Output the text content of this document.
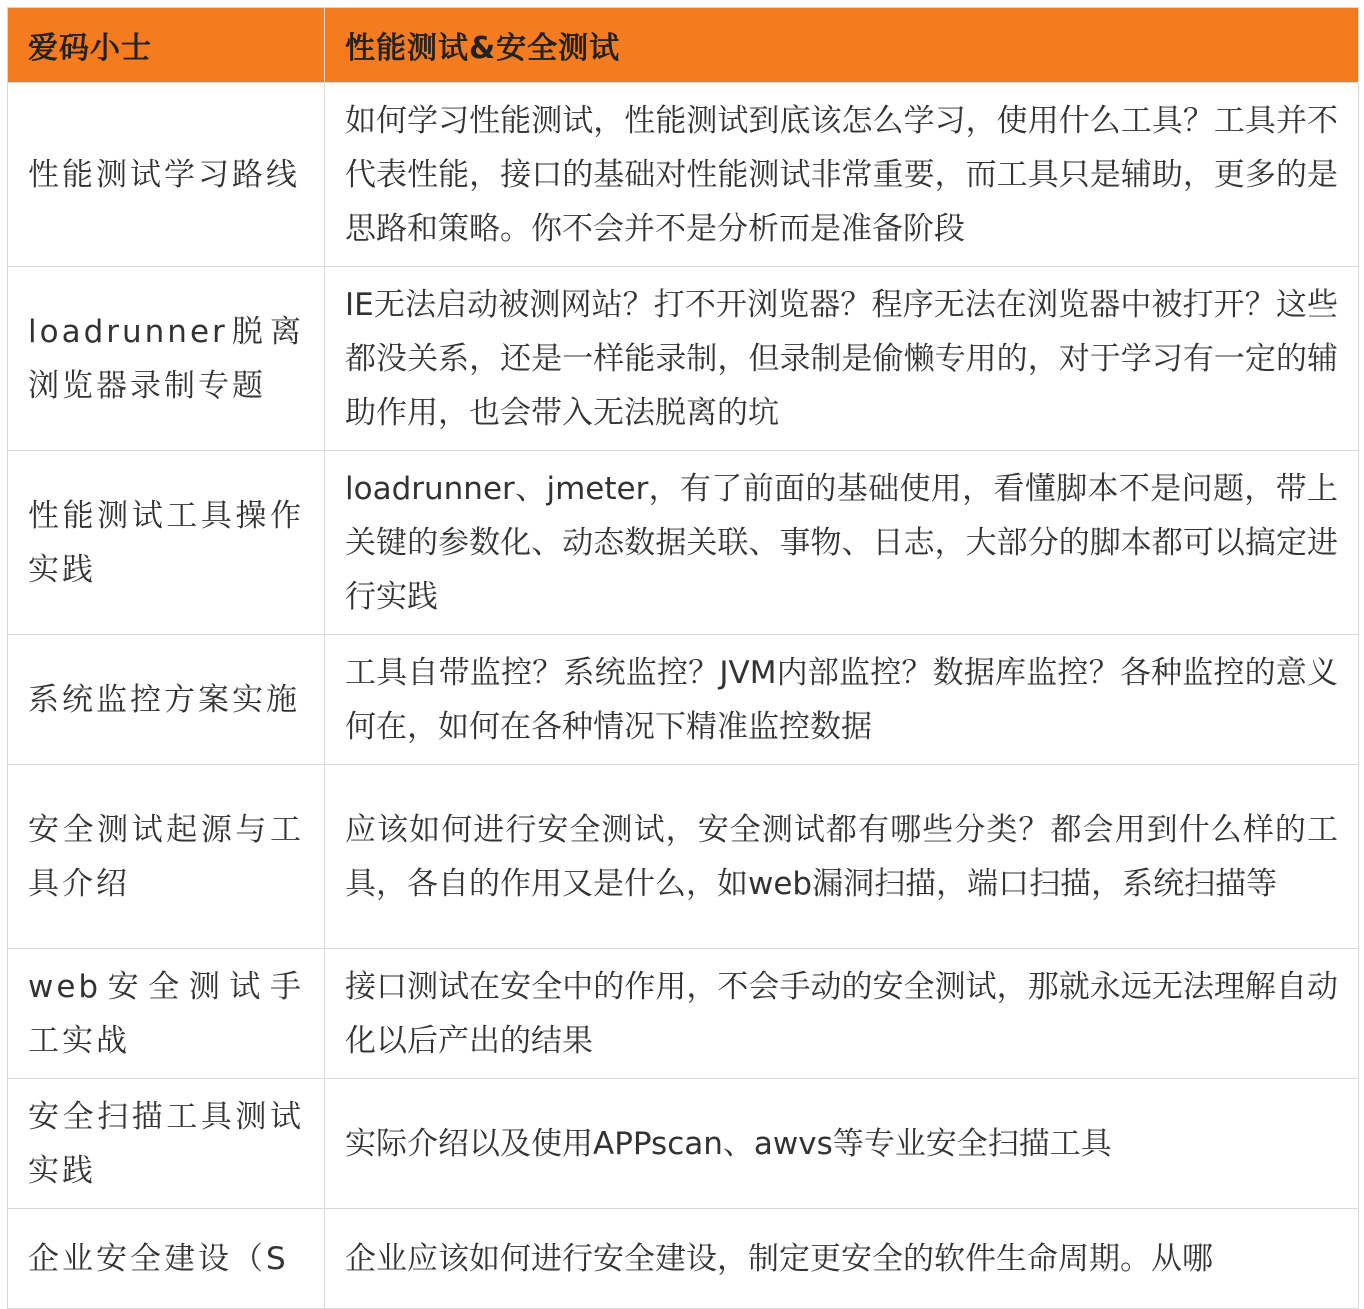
爱码小士	性能测试&安全测试
性能测试学习路线	如何学习性能测试，性能测试到底该怎么学习，使用什么工具？工具并不代表性能，接口的基础对性能测试非常重要，而工具只是辅助，更多的是思路和策略。你不会并不是分析而是准备阶段
loadrunner脱离浏览器录制专题	IE无法启动被测网站？打不开浏览器？程序无法在浏览器中被打开？这些都没关系，还是一样能录制，但录制是偷懒专用的，对于学习有一定的辅助作用，也会带入无法脱离的坑
性能测试工具操作实践	loadrunner、jmeter，有了前面的基础使用，看懂脚本不是问题，带上关键的参数化、动态数据关联、事物、日志，大部分的脚本都可以搞定进行实践
系统监控方案实施	工具自带监控？系统监控？JVM内部监控？数据库监控？各种监控的意义何在，如何在各种情况下精准监控数据
安全测试起源与工具介绍	应该如何进行安全测试，安全测试都有哪些分类？都会用到什么样的工具，各自的作用又是什么，如web漏洞扫描，端口扫描，系统扫描等
web安全测试手工实战	接口测试在安全中的作用，不会手动的安全测试，那就永远无法理解自动化以后产出的结果
安全扫描工具测试实践	实际介绍以及使用APPscan、awvs等专业安全扫描工具
企业安全建设（S	企业应该如何进行安全建设，制定更安全的软件生命周期。从哪
